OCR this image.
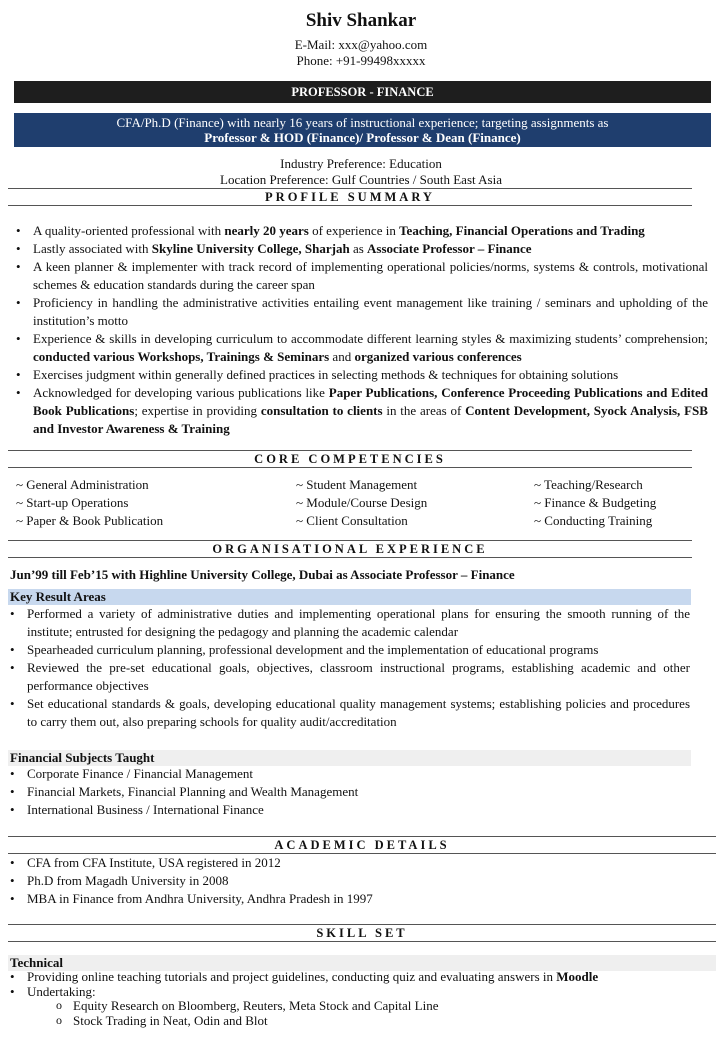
Shiv Shankar
E-Mail: xxx@yahoo.com
Phone: +91-99498xxxxx
PROFESSOR - FINANCE
CFA/Ph.D (Finance) with nearly 16 years of instructional experience; targeting assignments as
Professor & HOD (Finance)/ Professor & Dean (Finance)
Industry Preference: Education
Location Preference: Gulf Countries / South East Asia
PROFILE SUMMARY
• A quality-oriented professional with nearly 20 years of experience in Teaching, Financial Operations and Trading
• Lastly associated with Skyline University College, Sharjah as Associate Professor – Finance
• A keen planner & implementer with track record of implementing operational policies/norms, systems & controls, motivational schemes & education standards during the career span
• Proficiency in handling the administrative activities entailing event management like training / seminars and upholding of the institution’s motto
• Experience & skills in developing curriculum to accommodate different learning styles & maximizing students’ comprehension; conducted various Workshops, Trainings & Seminars and organized various conferences
• Exercises judgment within generally defined practices in selecting methods & techniques for obtaining solutions
• Acknowledged for developing various publications like Paper Publications, Conference Proceeding Publications and Edited Book Publications; expertise in providing consultation to clients in the areas of Content Development, Syock Analysis, FSB and Investor Awareness & Training
CORE COMPETENCIES
~ General Administration
~ Start-up Operations
~ Paper & Book Publication
~ Student Management
~ Module/Course Design
~ Client Consultation
~ Teaching/Research
~ Finance & Budgeting
~ Conducting Training
ORGANISATIONAL EXPERIENCE
Jun’99 till Feb’15 with Highline University College, Dubai as Associate Professor – Finance
Key Result Areas
• Performed a variety of administrative duties and implementing operational plans for ensuring the smooth running of the institute; entrusted for designing the pedagogy and planning the academic calendar
• Spearheaded curriculum planning, professional development and the implementation of educational programs
• Reviewed the pre-set educational goals, objectives, classroom instructional programs, establishing academic and other performance objectives
• Set educational standards & goals, developing educational quality management systems; establishing policies and procedures to carry them out, also preparing schools for quality audit/accreditation
Financial Subjects Taught
• Corporate Finance / Financial Management
• Financial Markets, Financial Planning and Wealth Management
• International Business / International Finance
ACADEMIC DETAILS
• CFA from CFA Institute, USA registered in 2012
• Ph.D from Magadh University in 2008
• MBA in Finance from Andhra University, Andhra Pradesh in 1997
SKILL SET
Technical
• Providing online teaching tutorials and project guidelines, conducting quiz and evaluating answers in Moodle
• Undertaking:
o Equity Research on Bloomberg, Reuters, Meta Stock and Capital Line
o Stock Trading in Neat, Odin and Blot
